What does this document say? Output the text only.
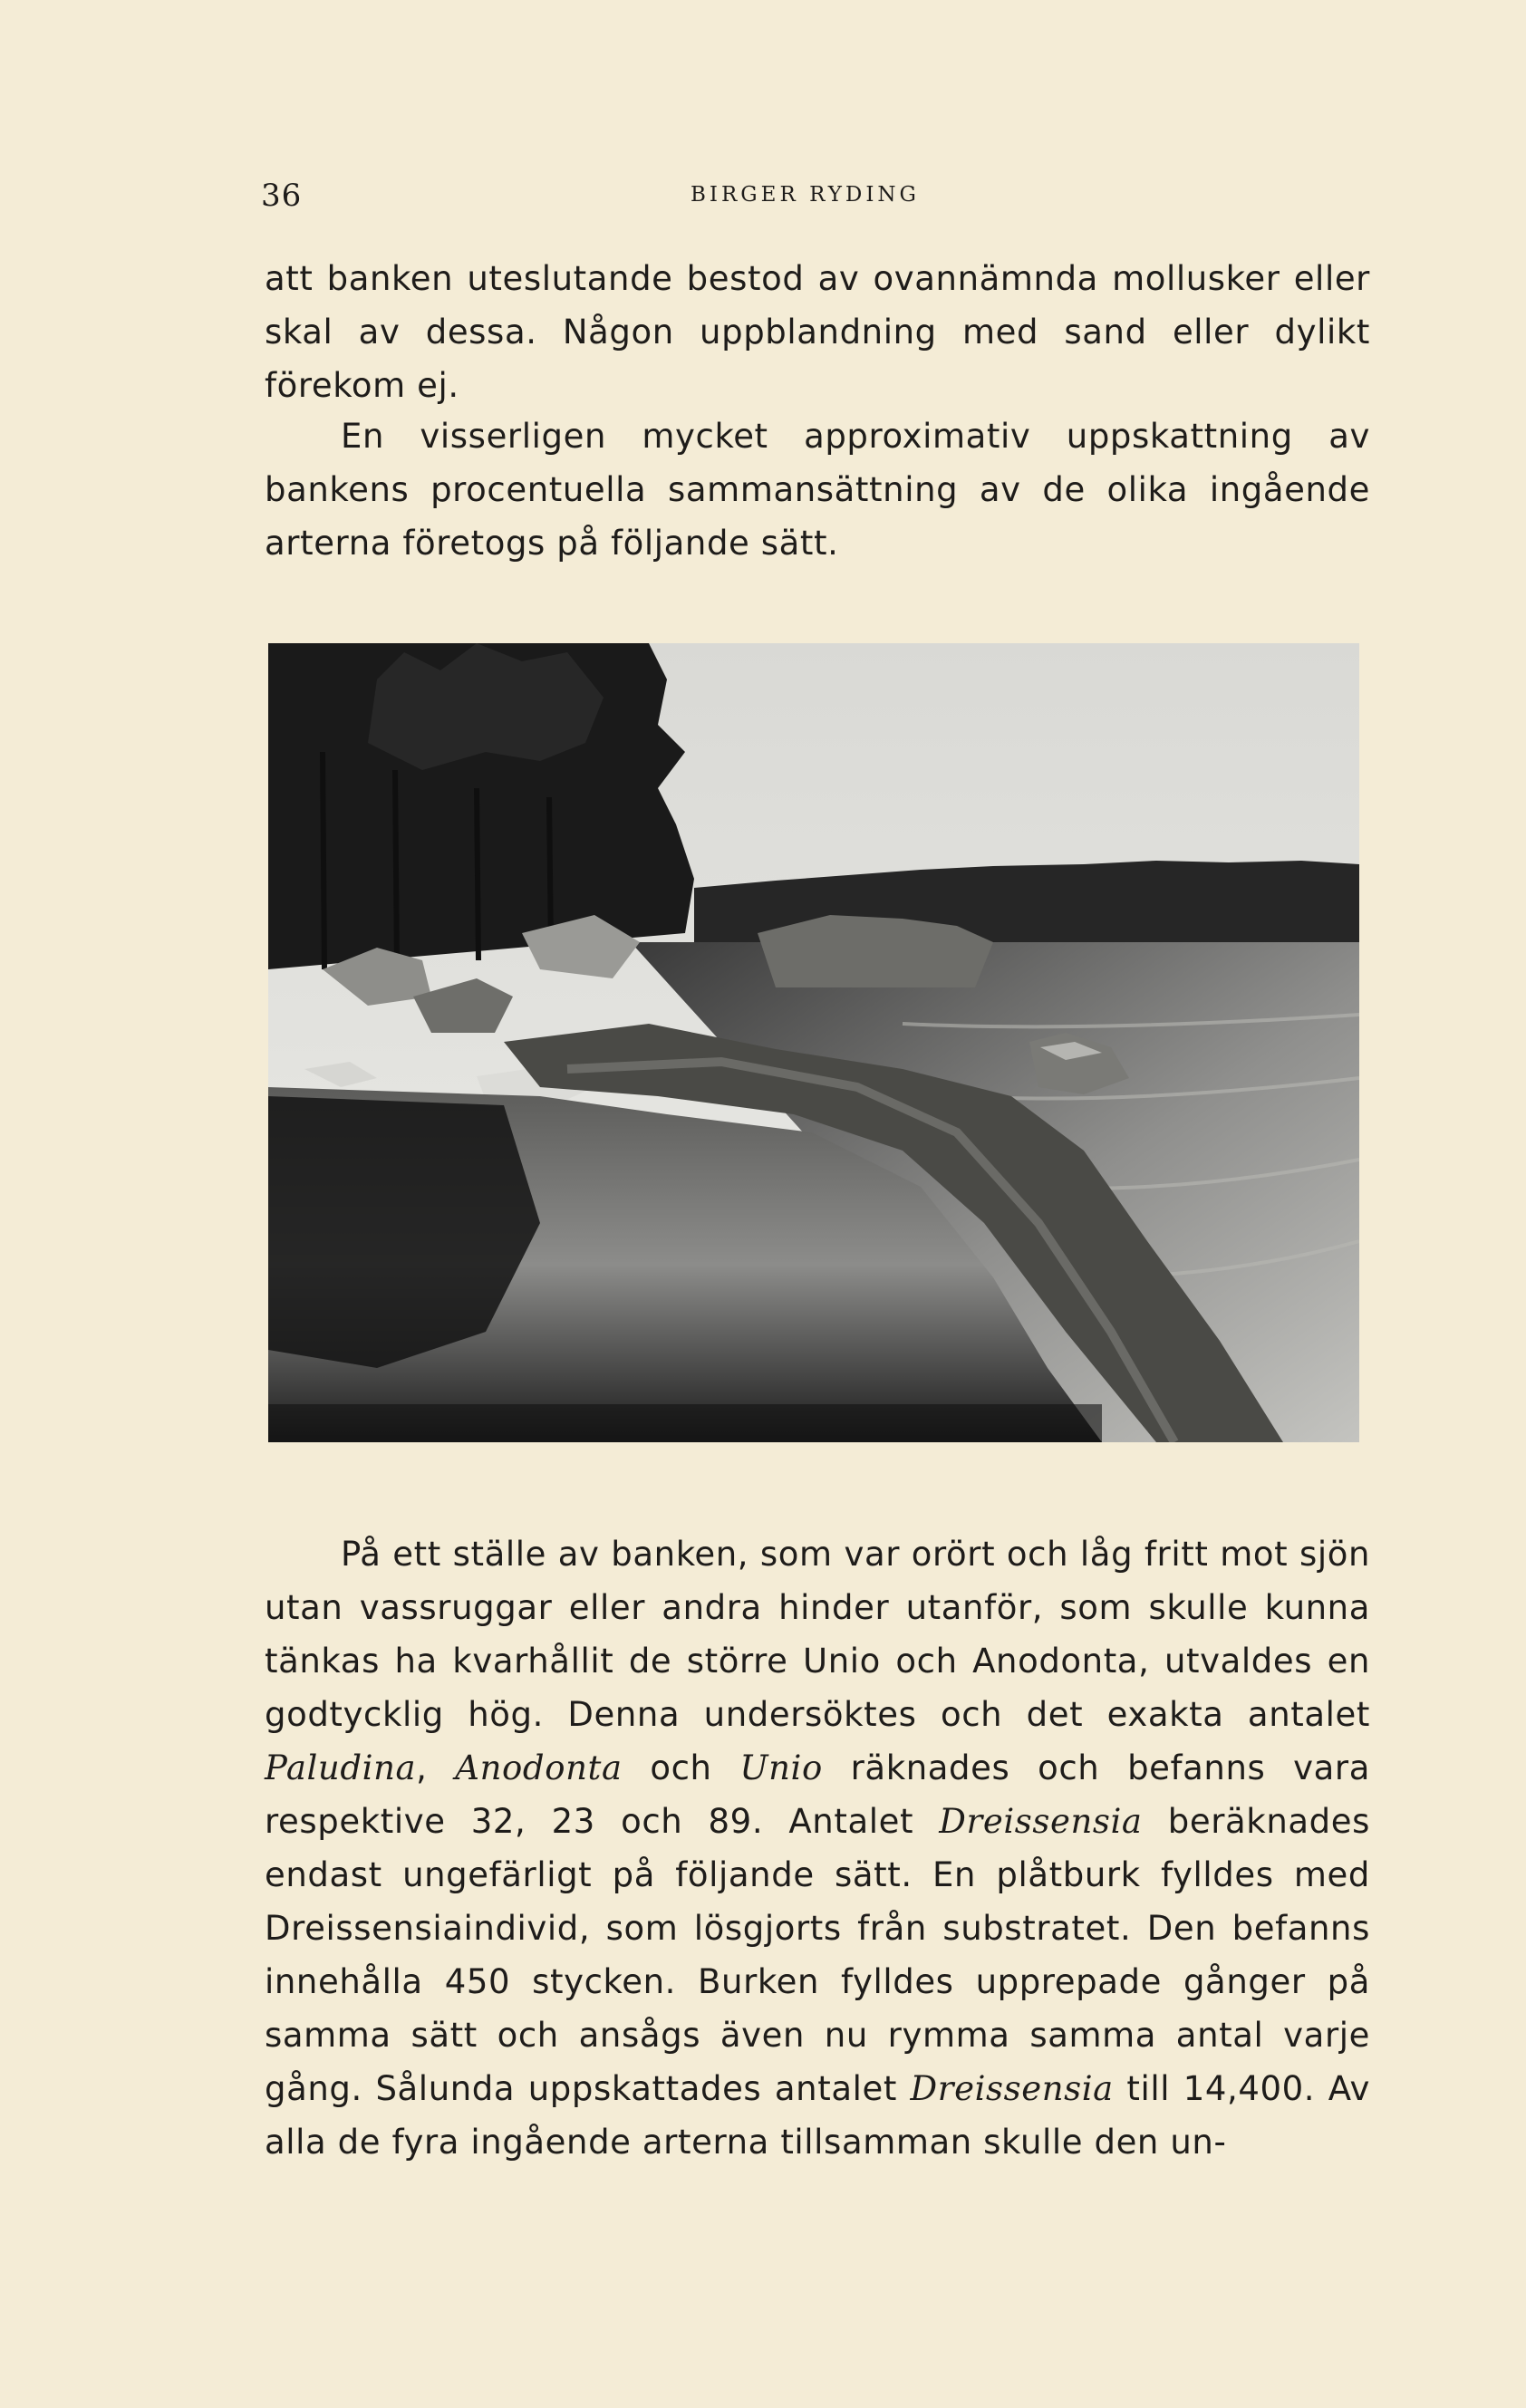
36	BIRGER RYDING

att banken uteslutande bestod av ovannämnda mollusker eller skal av dessa. Någon uppblandning med sand eller dylikt förekom ej.

En visserligen mycket approximativ uppskattning av bankens procentuella sammansättning av de olika ingående arterna företogs på följande sätt.

På ett ställe av banken, som var orört och låg fritt mot sjön utan vassruggar eller andra hinder utanför, som skulle kunna tänkas ha kvarhållit de större Unio och Anodonta, utvaldes en godtycklig hög. Denna undersöktes och det exakta antalet Paludina, Anodonta och Unio räknades och befanns vara respektive 32, 23 och 89. Antalet Dreissensia beräknades endast ungefärligt på följande sätt. En plåtburk fylldes med Dreissensiaindivid, som lösgjorts från substratet. Den befanns innehålla 450 stycken. Burken fylldes upprepade gånger på samma sätt och ansågs även nu rymma samma antal varje gång. Sålunda uppskattades antalet Dreissensia till 14,400. Av alla de fyra ingående arterna tillsamman skulle den un-
